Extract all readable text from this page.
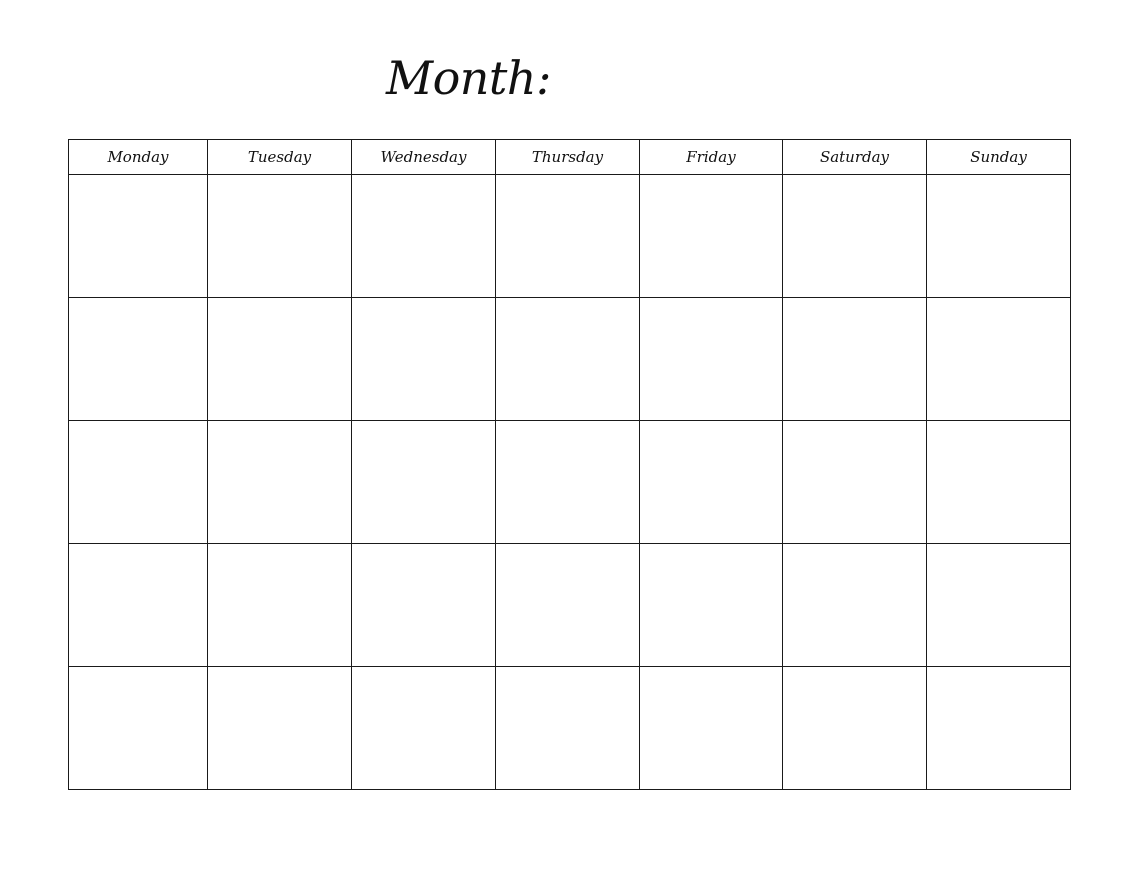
Month:
Monday	Tuesday	Wednesday	Thursday	Friday	Saturday	Sunday
